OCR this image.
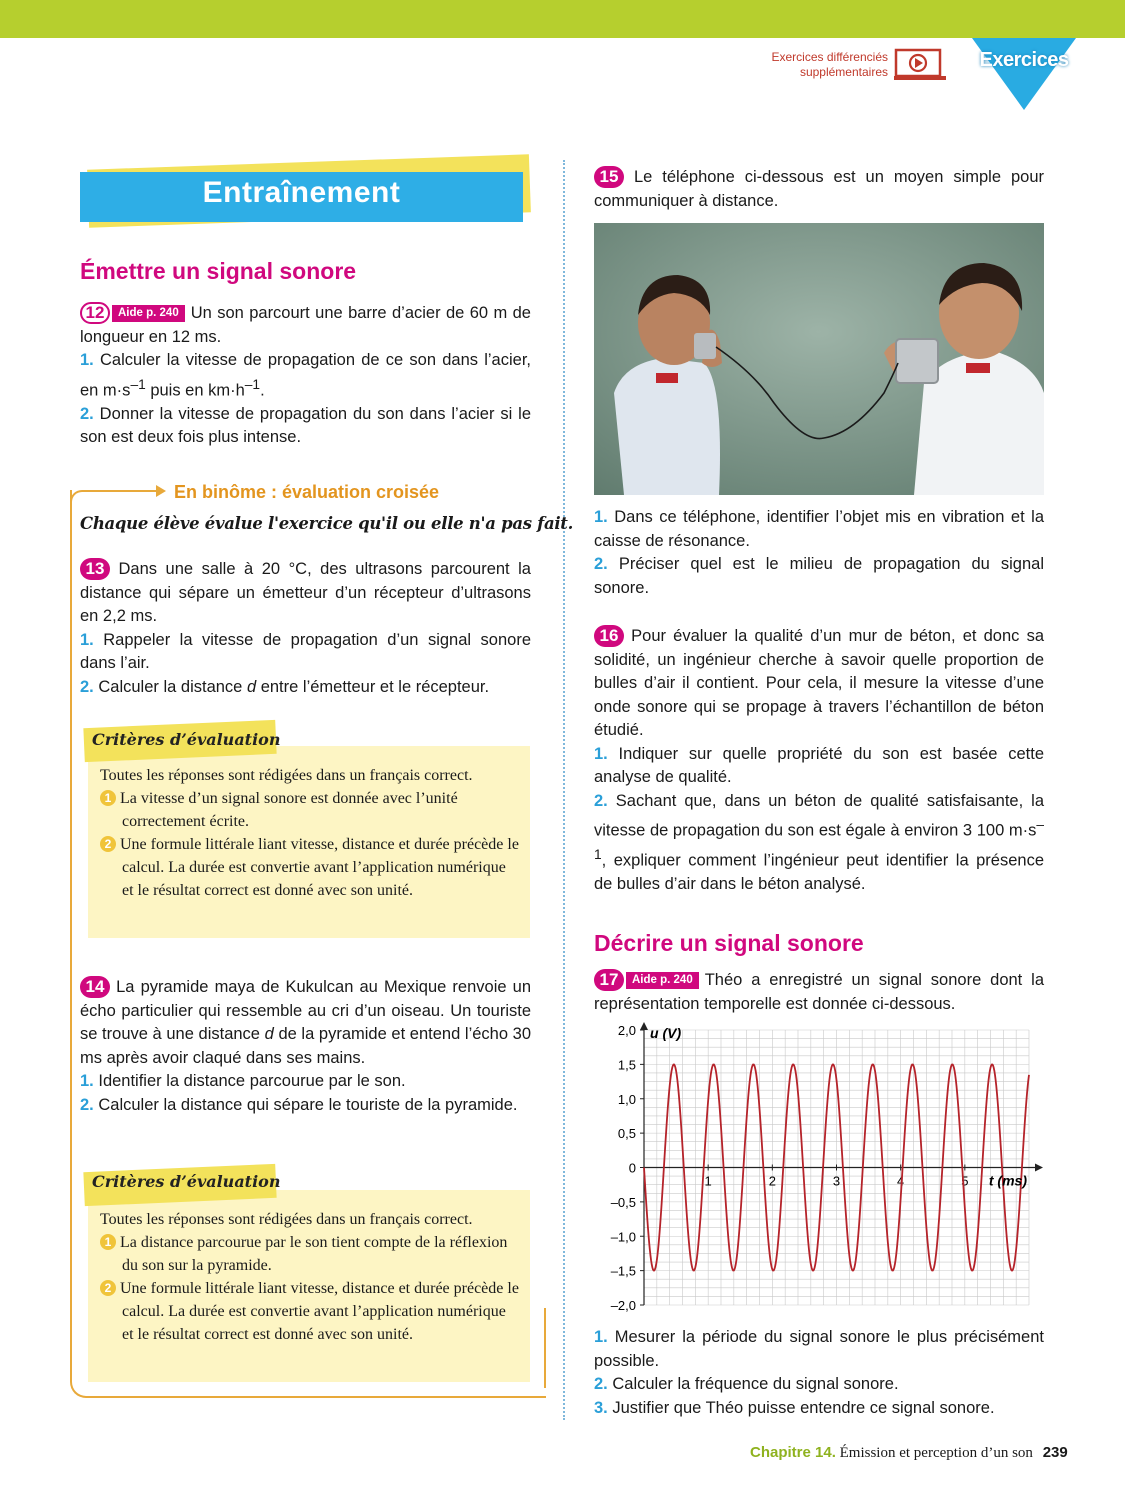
Exercices différenciés
supplémentaires
Exercices
Entraînement
Émettre un signal sonore
12 Aide p. 240 Un son parcourt une barre d’acier de 60 m de longueur en 12 ms.
1. Calculer la vitesse de propagation de ce son dans l’acier, en $m\cdot s^{-1}$ puis en $km\cdot h^{-1}$.
2. Donner la vitesse de propagation du son dans l’acier si le son est deux fois plus intense.
En binôme : évaluation croisée
Chaque élève évalue l'exercice qu'il ou elle n'a pas fait.
13 Dans une salle à 20 °C, des ultrasons parcourent la distance qui sépare un émetteur d’un récepteur d’ultrasons en 2,2 ms.
1. Rappeler la vitesse de propagation d’un signal sonore dans l’air.
2. Calculer la distance d entre l’émetteur et le récepteur.
Critères d’évaluation
Toutes les réponses sont rédigées dans un français correct.
1 La vitesse d’un signal sonore est donnée avec l’unité correctement écrite.
2 Une formule littérale liant vitesse, distance et durée précède le calcul. La durée est convertie avant l’application numérique et le résultat correct est donné avec son unité.
14 La pyramide maya de Kukulcan au Mexique renvoie un écho particulier qui ressemble au cri d’un oiseau. Un touriste se trouve à une distance d de la pyramide et entend l’écho 30 ms après avoir claqué dans ses mains.
1. Identifier la distance parcourue par le son.
2. Calculer la distance qui sépare le touriste de la pyramide.
Critères d’évaluation
Toutes les réponses sont rédigées dans un français correct.
1 La distance parcourue par le son tient compte de la réflexion du son sur la pyramide.
2 Une formule littérale liant vitesse, distance et durée précède le calcul. La durée est convertie avant l’application numérique et le résultat correct est donné avec son unité.
15 Le téléphone ci-dessous est un moyen simple pour communiquer à distance.
1. Dans ce téléphone, identifier l’objet mis en vibration et la caisse de résonance.
2. Préciser quel est le milieu de propagation du signal sonore.
16 Pour évaluer la qualité d’un mur de béton, et donc sa solidité, un ingénieur cherche à savoir quelle proportion de bulles d’air il contient. Pour cela, il mesure la vitesse d’une onde sonore qui se propage à travers l’échantillon de béton étudié.
1. Indiquer sur quelle propriété du son est basée cette analyse de qualité.
2. Sachant que, dans un béton de qualité satisfaisante, la vitesse de propagation du son est égale à environ 3 100 $m\cdot s^{-1}$, expliquer comment l’ingénieur peut identifier la présence de bulles d’air dans le béton analysé.
Décrire un signal sonore
17 Aide p. 240 Théo a enregistré un signal sonore dont la représentation temporelle est donnée ci-dessous.
2,0
1,5
1,0
0,5
0
–0,5
–1,0
–1,5
–2,0
1	2	3	4	5
u (V)
t (ms)
1. Mesurer la période du signal sonore le plus précisément possible.
2. Calculer la fréquence du signal sonore.
3. Justifier que Théo puisse entendre ce signal sonore.
Chapitre 14. Émission et perception d’un son 239
